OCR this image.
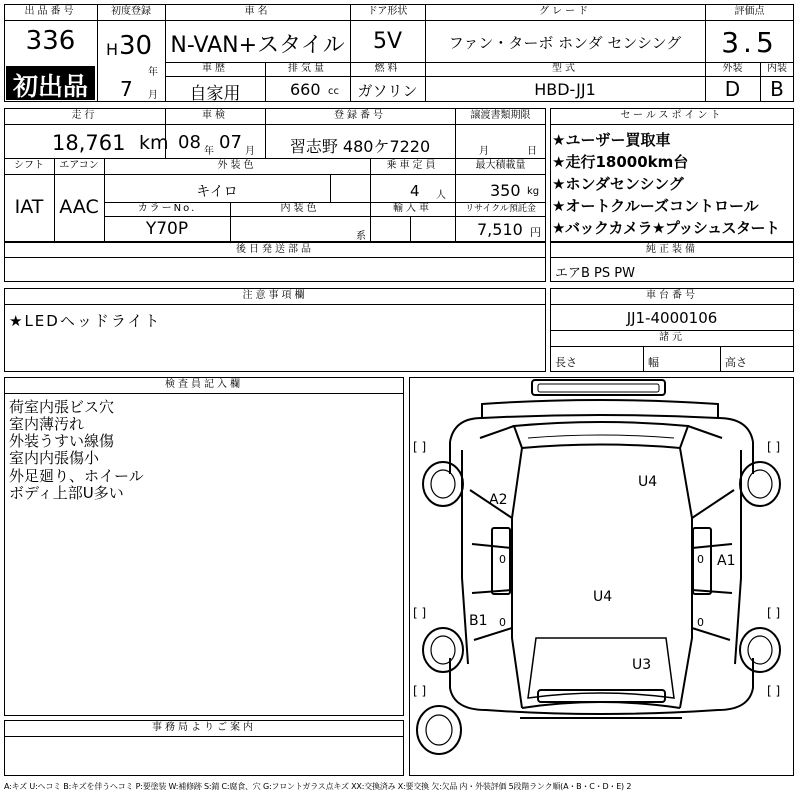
出品番号
336
初出品
初度登録
H 30
年
7 月
車名
N-VAN+スタイル
ドア形状
5V
グレード
ファン・ターボ ホンダ センシング
評価点
3.5
外装	内装
D	B
車歴
自家用
排気量
660 cc
燃料
ガソリン
型式
HBD-JJ1
走行
18,761 km
車検
08 年 07 月
登録番号
習志野 480ケ7220
譲渡書類期限
月	日
シフト	エアコン
IAT AAC
外装色
キイロ
乗車定員
4 人
最大積載量
350 kg
カラーNo.
Y70P
内装色
系
輸入車	リサイクル預託金
7,510 円
後日発送部品
セールスポイント
★ユーザー買取車
★走行18000km台
★ホンダセンシング
★オートクルーズコントロール
★バックカメラ★プッシュスタート
純正装備
エアB PS PW
注意事項欄
★LEDヘッドライト
車台番号
JJ1-4000106
諸元
長さ	幅	高さ
検査員記入欄
荷室内張ビス穴
室内薄汚れ
外装うすい線傷
室内内張傷小
外足廻り、ホイール
ボディ上部U多い
事務局よりご案内
U4
A2
A1
U4
B1
U3
[ ]	[ ]
[ ]	[ ]
[ ]	[ ]
0	0
0	0
A:キズ U:ヘコミ B:キズを伴うヘコミ P:要塗装 W:補修跡 S:錆 C:腐食、穴 G:フロントガラス点キズ XX:交換済み X:要交換 欠:欠品 内・外装評価 5段階ランク順(A・B・C・D・E) 2
